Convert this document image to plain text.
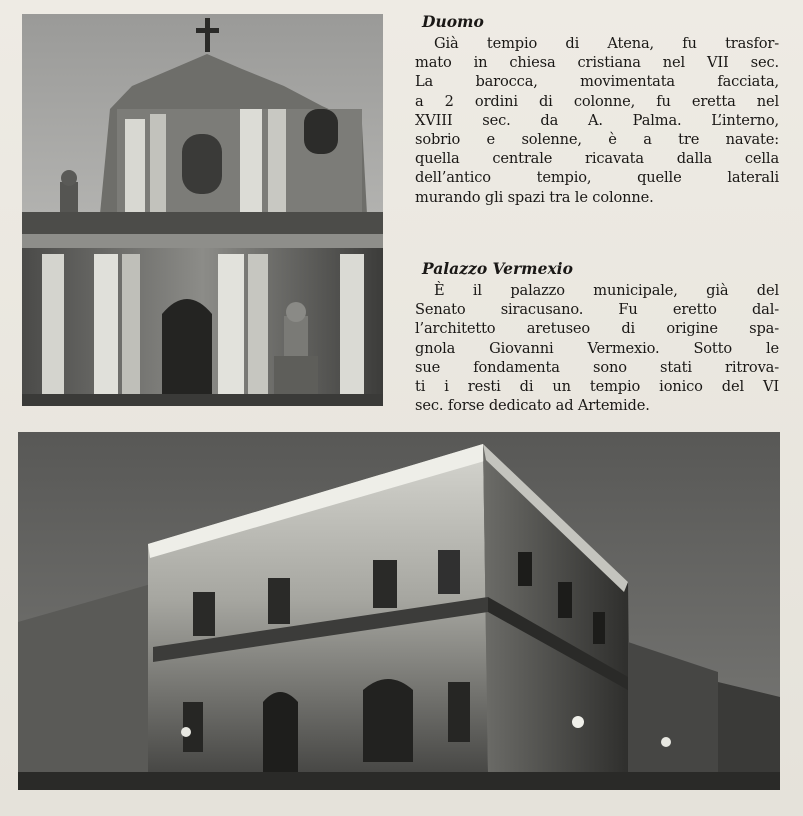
Duomo
Già tempio di Atena, fu trasfor-
mato in chiesa cristiana nel VII sec.
La barocca, movimentata facciata,
a 2 ordini di colonne, fu eretta nel
XVIII sec. da A. Palma. L’interno,
sobrio e solenne, è a tre navate:
quella centrale ricavata dalla cella
dell’antico tempio, quelle laterali
murando gli spazi tra le colonne.
Palazzo Vermexio
È il palazzo municipale, già del
Senato siracusano. Fu eretto dal-
l’architetto aretuseo di origine spa-
gnola Giovanni Vermexio. Sotto le
sue fondamenta sono stati ritrova-
ti i resti di un tempio ionico del VI
sec. forse dedicato ad Artemide.
